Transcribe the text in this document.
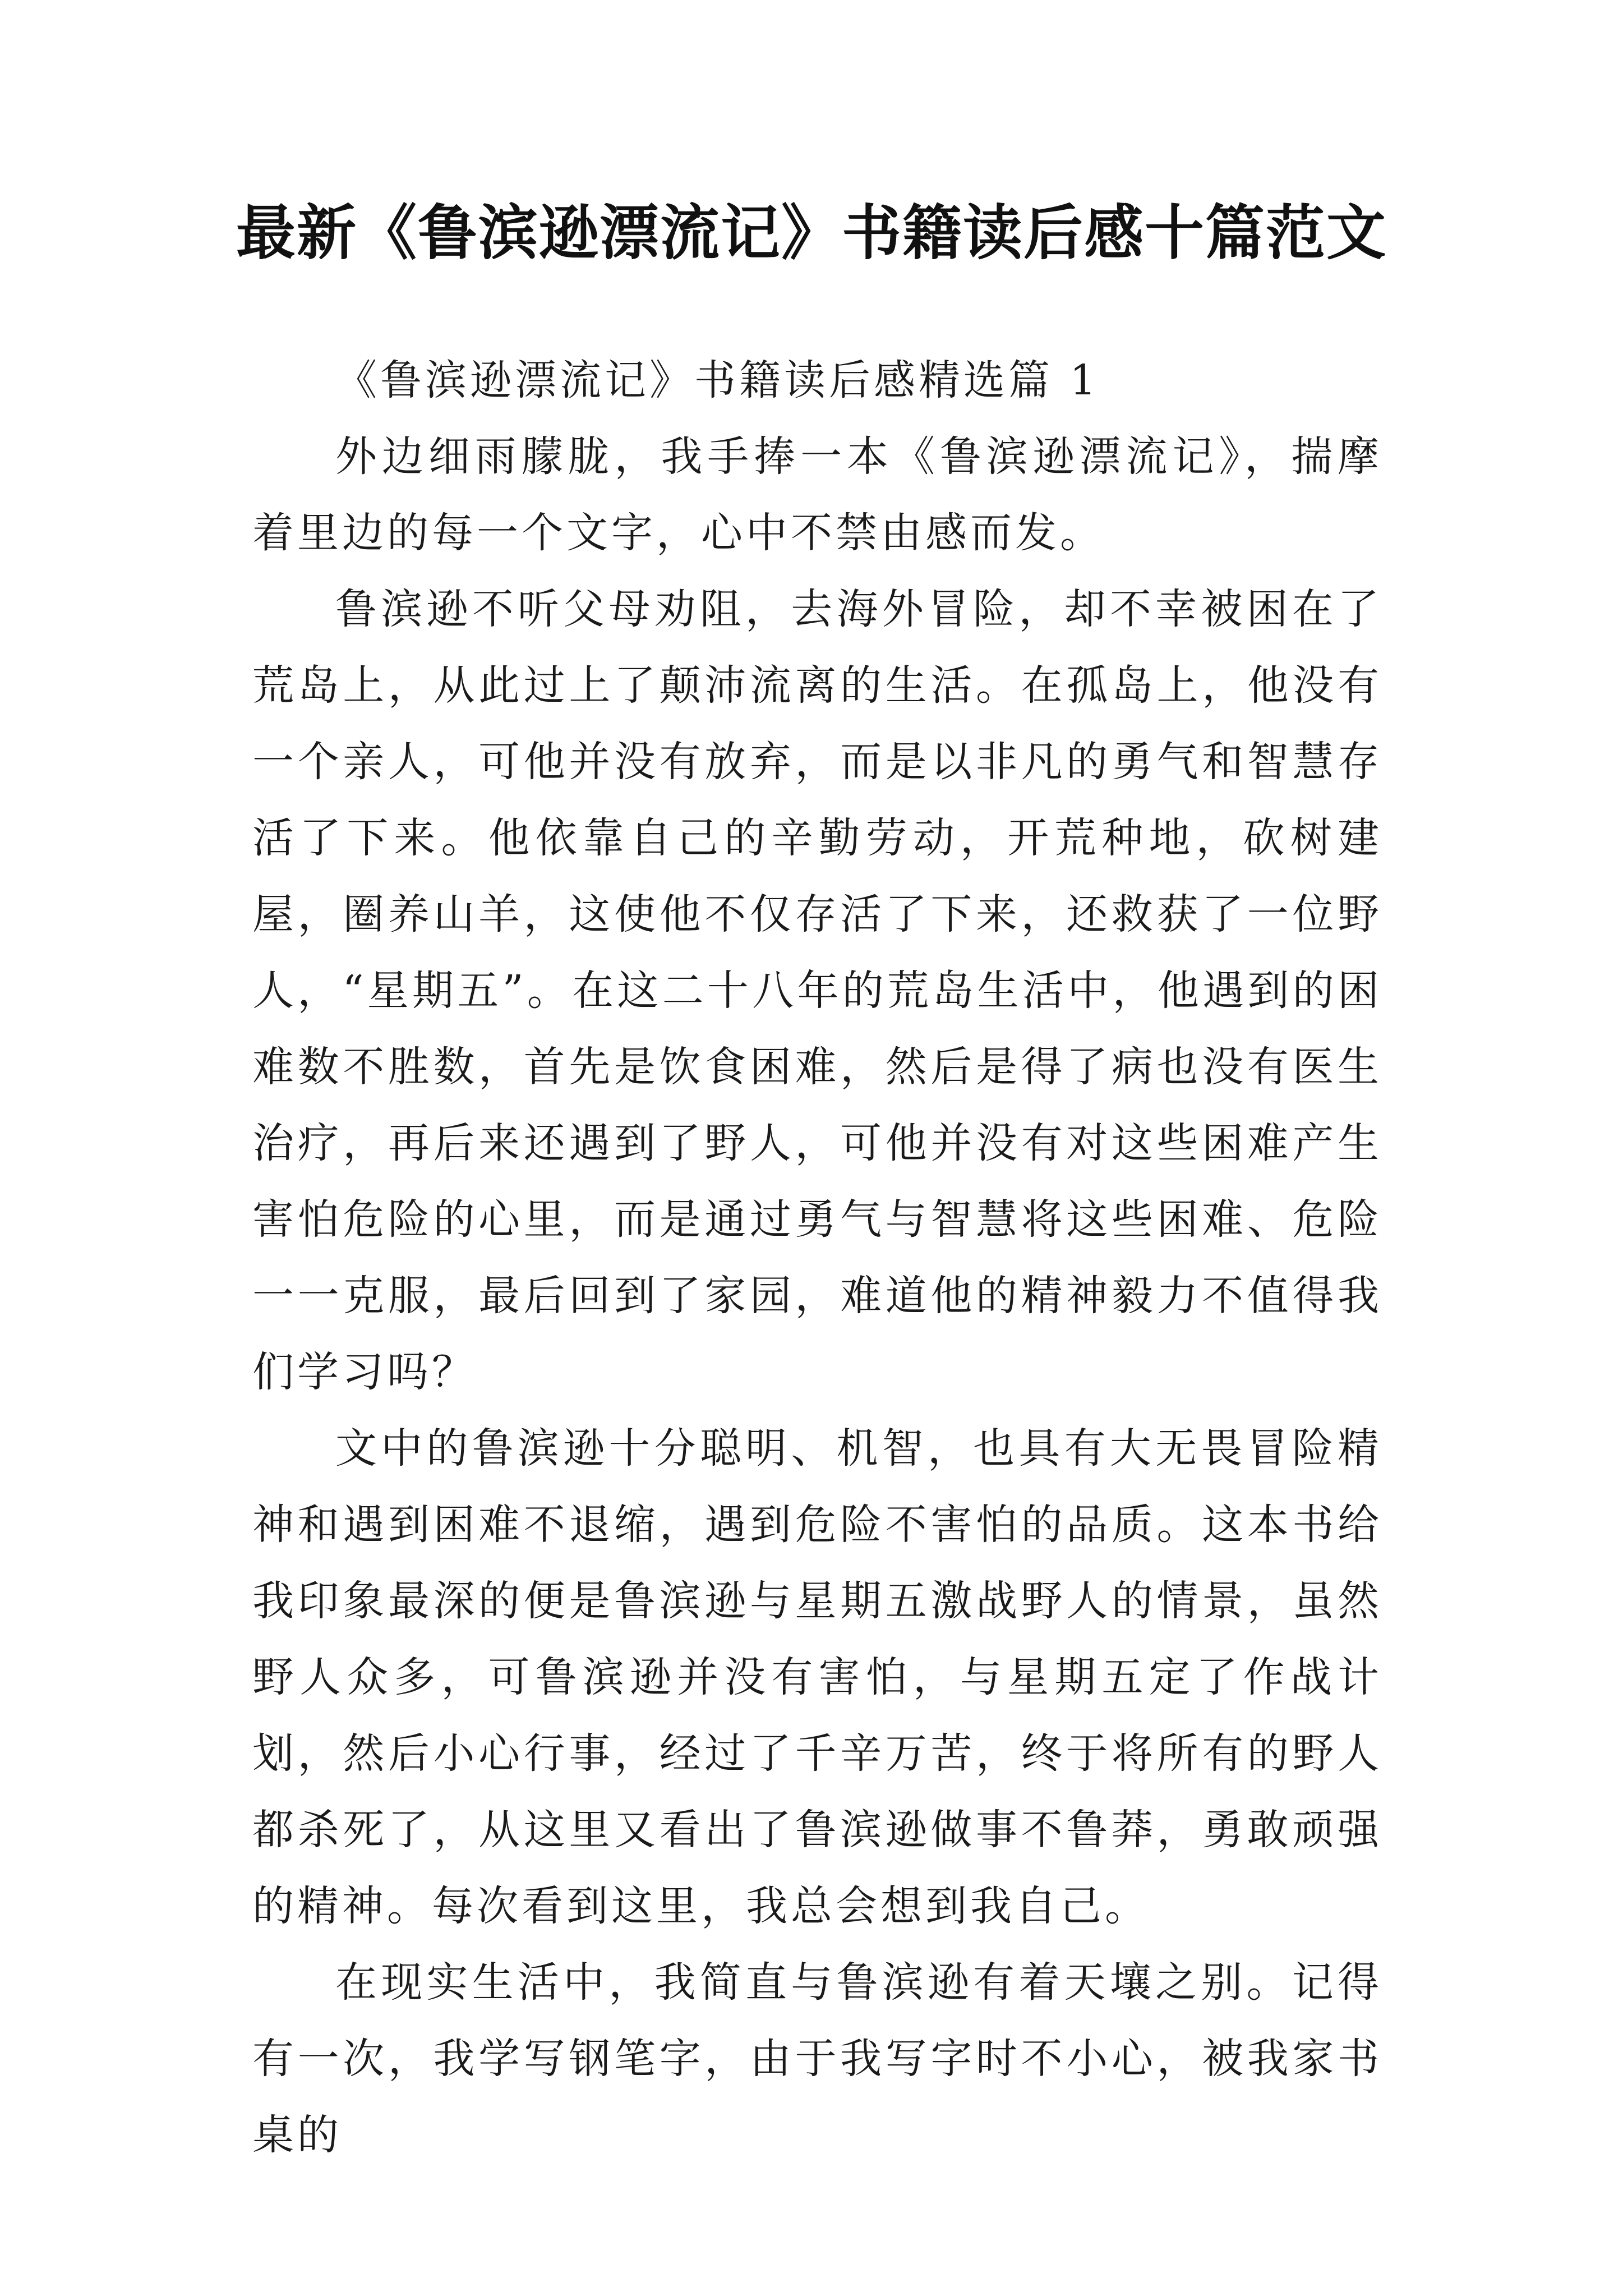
最新《鲁滨逊漂流记》书籍读后感十篇范文

《鲁滨逊漂流记》书籍读后感精选篇 1

外边细雨朦胧，我手捧一本《鲁滨逊漂流记》，揣摩着里边的每一个文字，心中不禁由感而发。

鲁滨逊不听父母劝阻，去海外冒险，却不幸被困在了荒岛上，从此过上了颠沛流离的生活。在孤岛上，他没有一个亲人，可他并没有放弃，而是以非凡的勇气和智慧存活了下来。他依靠自己的辛勤劳动，开荒种地，砍树建屋，圈养山羊，这使他不仅存活了下来，还救获了一位野人，“星期五”。在这二十八年的荒岛生活中，他遇到的困难数不胜数，首先是饮食困难，然后是得了病也没有医生治疗，再后来还遇到了野人，可他并没有对这些困难产生害怕危险的心里，而是通过勇气与智慧将这些困难、危险一一克服，最后回到了家园，难道他的精神毅力不值得我们学习吗？

文中的鲁滨逊十分聪明、机智，也具有大无畏冒险精神和遇到困难不退缩，遇到危险不害怕的品质。这本书给我印象最深的便是鲁滨逊与星期五激战野人的情景，虽然野人众多，可鲁滨逊并没有害怕，与星期五定了作战计划，然后小心行事，经过了千辛万苦，终于将所有的野人都杀死了，从这里又看出了鲁滨逊做事不鲁莽，勇敢顽强的精神。每次看到这里，我总会想到我自己。

在现实生活中，我简直与鲁滨逊有着天壤之别。记得有一次，我学写钢笔字，由于我写字时不小心，被我家书桌的
